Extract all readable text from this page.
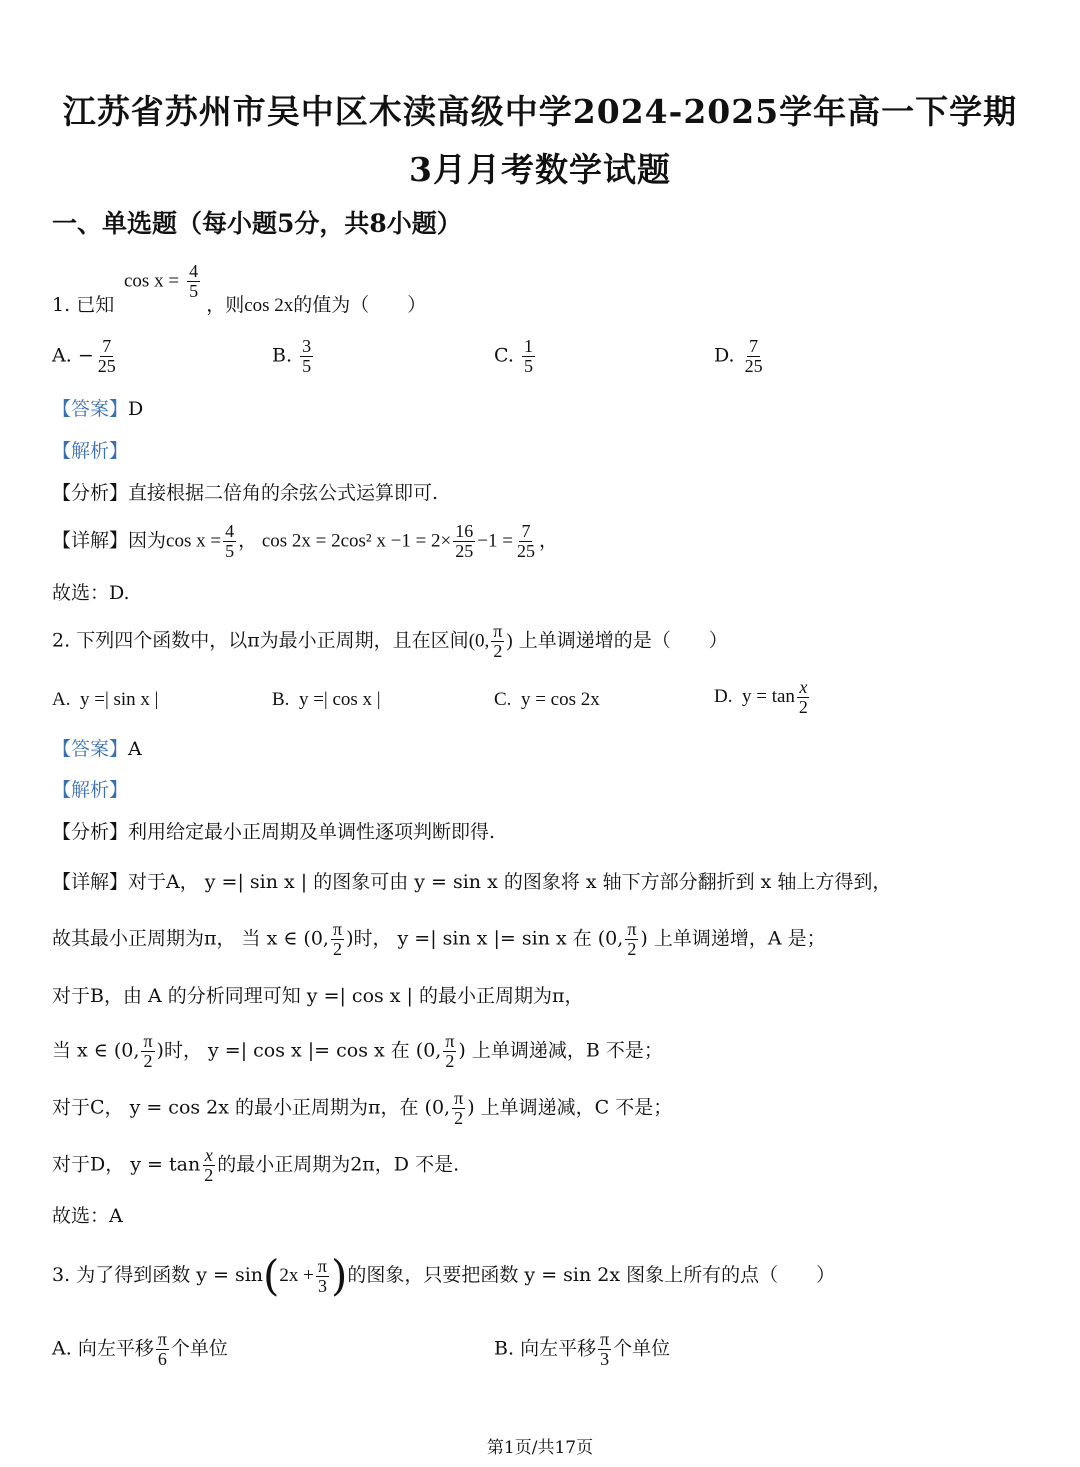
江苏省苏州市吴中区木渎高级中学2024-2025学年高一下学期
3月月考数学试题
一、单选题（每小题5分，共8小题）
$\cos x = \frac{4}{5}$
1. 已知	，则cos 2x的值为（　　）
A. − $\frac{7}{25}$	B. $\frac{3}{5}$	C. $\frac{1}{5}$	D. $\frac{7}{25}$
【答案】D
【解析】
【分析】直接根据二倍角的余弦公式运算即可.
【详解】因为$\cos x = \frac{4}{5}$ ， cos 2x = 2cos² $x -1 = 2\times \frac{16}{25} -1 = \frac{7}{25}$ ，
故选：D.
2. 下列四个函数中，以π为最小正周期，且在区间(0, $\frac{\pi}{2}$ ) 上单调递增的是（　　）
A. y =| sin x |	B. y =| cos x |	C. y = cos 2x	D. $y = \tan \frac{x}{2}$
【答案】A
【解析】
【分析】利用给定最小正周期及单调性逐项判断即得.
【详解】对于A， y =| sin x | 的图象可由 y = sin x 的图象将 x 轴下方部分翻折到 x 轴上方得到，
故其最小正周期为π， 当 x ∈ (0, $\frac{\pi}{2}$ )时， y =| sin x |= sin x 在 (0, $\frac{\pi}{2}$ ) 上单调递增，A 是；
对于B，由 A 的分析同理可知 y =| cos x | 的最小正周期为π，
当 x ∈ (0, $\frac{\pi}{2}$ )时， y =| cos x |= cos x 在 (0, $\frac{\pi}{2}$ ) 上单调递减，B 不是；
对于C， y = cos 2x 的最小正周期为π，在 (0, $\frac{\pi}{2}$ ) 上单调递减，C 不是；
对于D， $y = \tan \frac{x}{2}$ 的最小正周期为2π，D 不是.
故选：A
3. 为了得到函数 $y = \sin(2x + \frac{\pi}{3}$ )的图象，只要把函数 y = sin 2x 图象上所有的点（　　）
A. 向左平移 $\frac{\pi}{6}$ 个单位	B. 向左平移 $\frac{\pi}{3}$ 个单位
第1页/共17页
